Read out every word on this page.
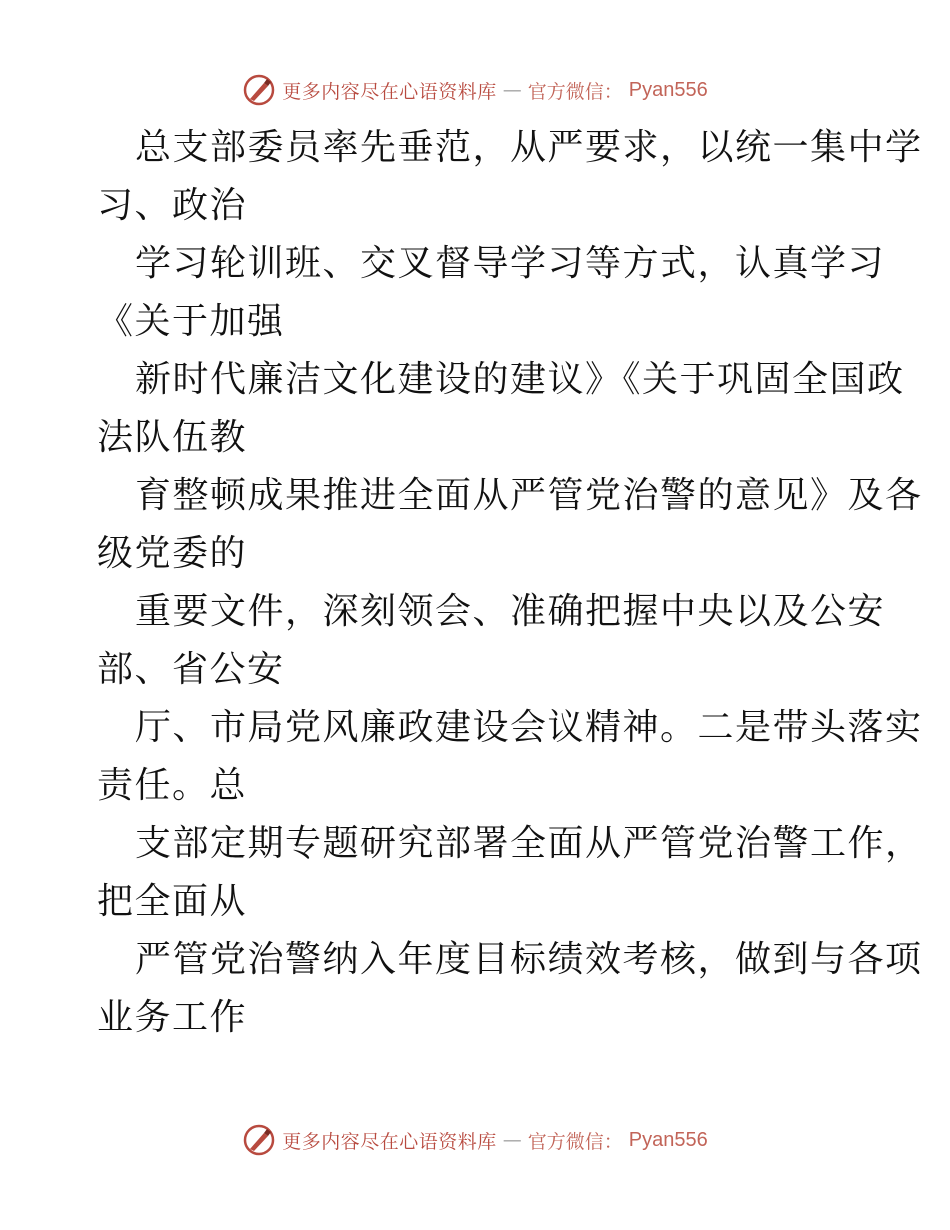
更多内容尽在心语资料库 — 官方微信： Pyan556
总支部委员率先垂范，从严要求，以统一集中学
习、政治
学习轮训班、交叉督导学习等方式，认真学习
《关于加强
新时代廉洁文化建设的建议》《关于巩固全国政
法队伍教
育整顿成果推进全面从严管党治警的意见》及各
级党委的
重要文件，深刻领会、准确把握中央以及公安
部、省公安
厅、市局党风廉政建设会议精神。二是带头落实
责任。总
支部定期专题研究部署全面从严管党治警工作，
把全面从
严管党治警纳入年度目标绩效考核，做到与各项
业务工作
更多内容尽在心语资料库 — 官方微信： Pyan556
